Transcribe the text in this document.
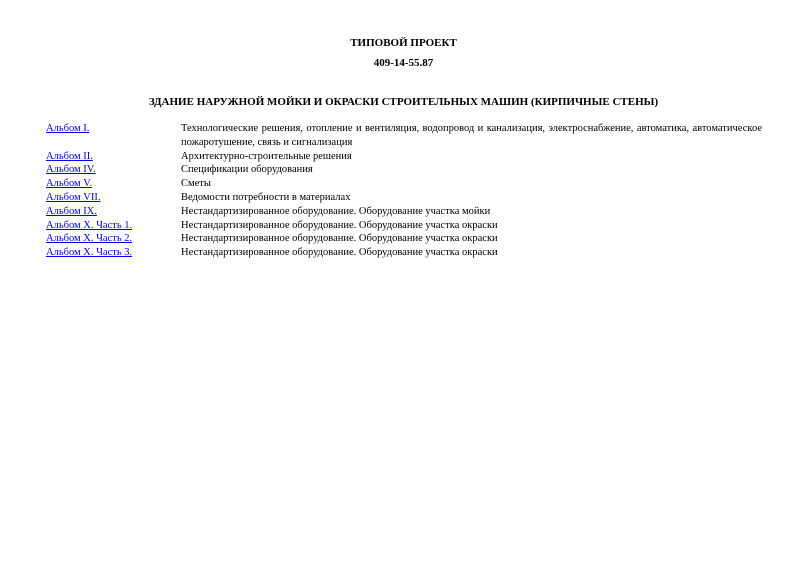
ТИПОВОЙ ПРОЕКТ
409-14-55.87
ЗДАНИЕ НАРУЖНОЙ МОЙКИ И ОКРАСКИ СТРОИТЕЛЬНЫХ МАШИН (КИРПИЧНЫЕ СТЕНЫ)
Альбом I.	Технологические решения, отопление и вентиляция, водопровод и канализация, электроснабжение, автоматика, автоматическое пожаротушение, связь и сигнализация
Альбом II.	Архитектурно-строительные решения
Альбом IV.	Спецификации оборудования
Альбом V.	Сметы
Альбом VII.	Ведомости потребности в материалах
Альбом IX.	Нестандартизированное оборудование. Оборудование участка мойки
Альбом X. Часть 1.	Нестандартизированное оборудование. Оборудование участка окраски
Альбом X. Часть 2.	Нестандартизированное оборудование. Оборудование участка окраски
Альбом X. Часть 3.	Нестандартизированное оборудование. Оборудование участка окраски
